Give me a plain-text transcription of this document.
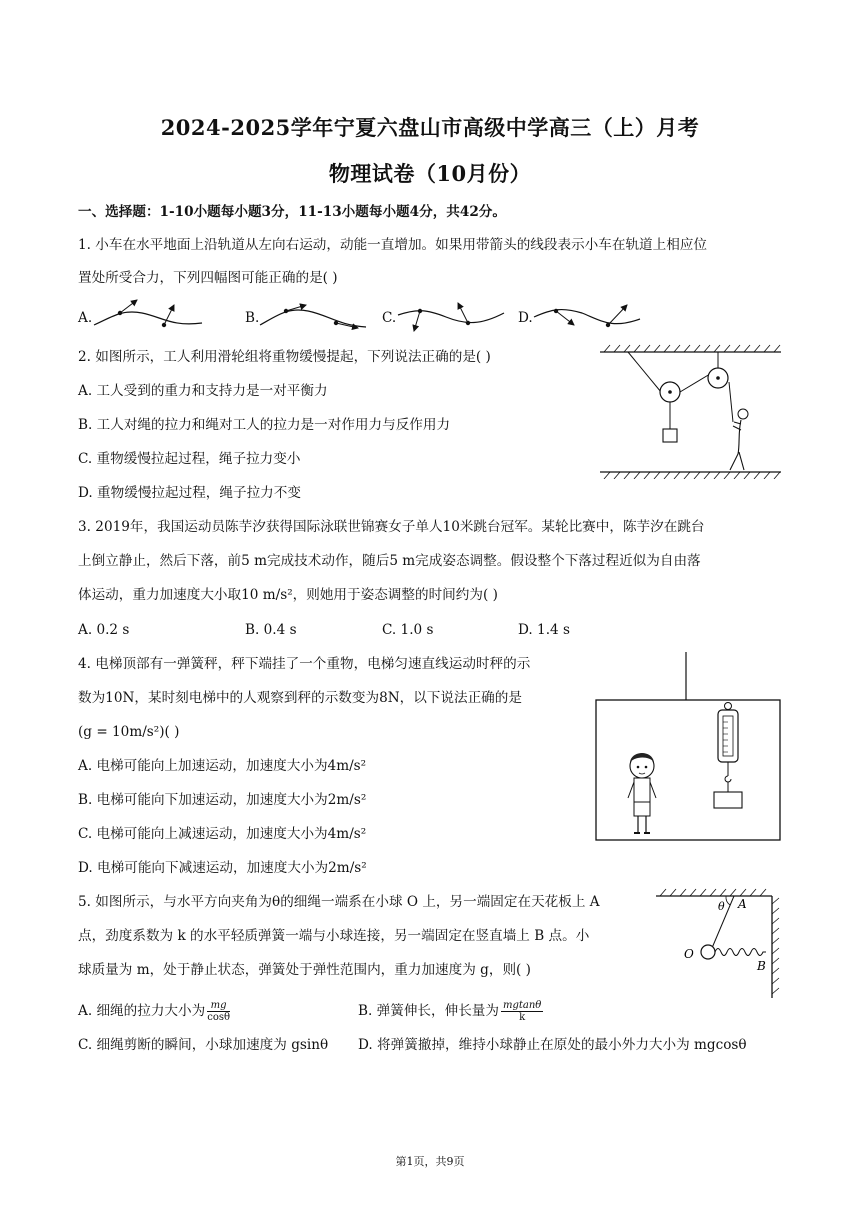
2024-2025学年宁夏六盘山市高级中学高三（上）月考
物理试卷（10月份）
一、选择题：1-10小题每小题3分，11-13小题每小题4分，共42分。
1. 小车在水平地面上沿轨道从左向右运动，动能一直增加。如果用带箭头的线段表示小车在轨道上相应位
置处所受合力，下列四幅图可能正确的是( )
A.	B.	C.	D.
2. 如图所示，工人利用滑轮组将重物缓慢提起，下列说法正确的是( )
A. 工人受到的重力和支持力是一对平衡力
B. 工人对绳的拉力和绳对工人的拉力是一对作用力与反作用力
C. 重物缓慢拉起过程，绳子拉力变小
D. 重物缓慢拉起过程，绳子拉力不变
3. 2019年，我国运动员陈芋汐获得国际泳联世锦赛女子单人10米跳台冠军。某轮比赛中，陈芋汐在跳台
上倒立静止，然后下落，前5 m完成技术动作，随后5 m完成姿态调整。假设整个下落过程近似为自由落
体运动，重力加速度大小取10 m/s²，则她用于姿态调整的时间约为( )
A. 0.2 s	B. 0.4 s	C. 1.0 s	D. 1.4 s
4. 电梯顶部有一弹簧秤，秤下端挂了一个重物，电梯匀速直线运动时秤的示
数为10N，某时刻电梯中的人观察到秤的示数变为8N，以下说法正确的是
(g = 10m/s²)( )
A. 电梯可能向上加速运动，加速度大小为4m/s²
B. 电梯可能向下加速运动，加速度大小为2m/s²
C. 电梯可能向上减速运动，加速度大小为4m/s²
D. 电梯可能向下减速运动，加速度大小为2m/s²
5. 如图所示，与水平方向夹角为θ的细绳一端系在小球 O 上，另一端固定在天花板上 A
点，劲度系数为 k 的水平轻质弹簧一端与小球连接，另一端固定在竖直墙上 B 点。小
球质量为 m，处于静止状态，弹簧处于弹性范围内，重力加速度为 g，则( )
A. 细绳的拉力大小为 $\frac{mg}{\cos\theta}$	B. 弹簧伸长，伸长量为 $\frac{mgtan\theta}{k}$
C. 细绳剪断的瞬间，小球加速度为 gsinθ D. 将弹簧撤掉，维持小球静止在原处的最小外力大小为 mgcosθ
θ A
O
B
第1页，共9页
